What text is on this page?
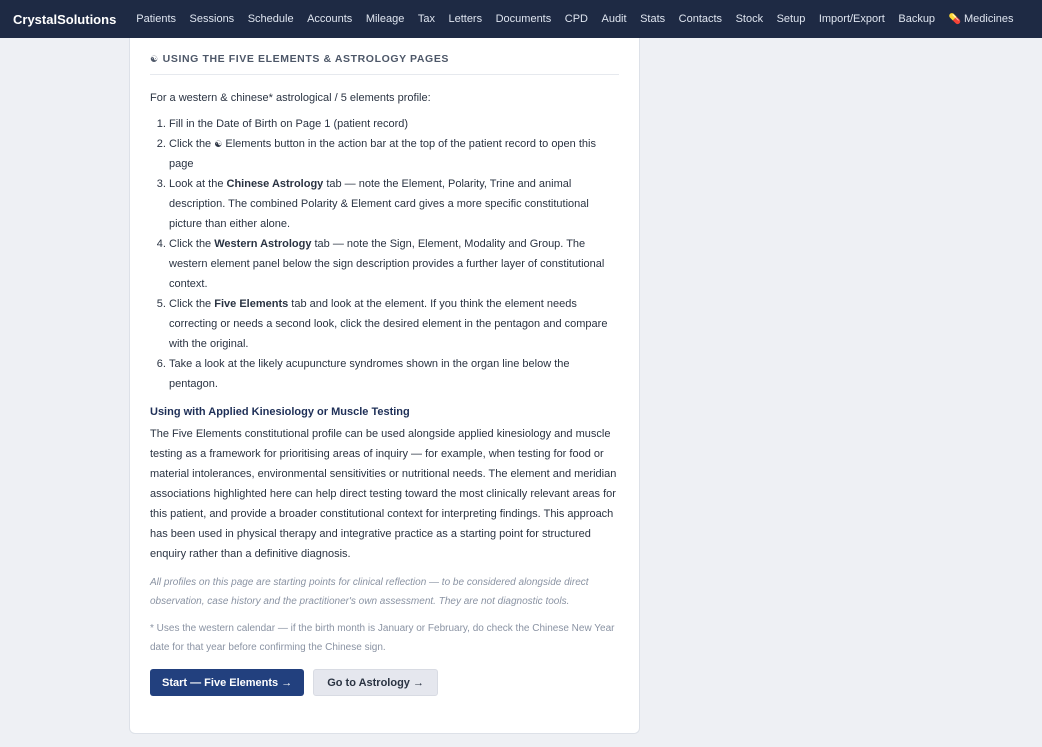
CrystalSolutions Patients Sessions Schedule Accounts Mileage Tax Letters Documents CPD Audit Stats Contacts Stock Setup Import/Export Backup 💊 Medicines
☯ USING THE FIVE ELEMENTS & ASTROLOGY PAGES
For a western & chinese* astrological / 5 elements profile:
1. Fill in the Date of Birth on Page 1 (patient record)
2. Click the ☯ Elements button in the action bar at the top of the patient record to open this page
3. Look at the Chinese Astrology tab — note the Element, Polarity, Trine and animal description. The combined Polarity & Element card gives a more specific constitutional picture than either alone.
4. Click the Western Astrology tab — note the Sign, Element, Modality and Group. The western element panel below the sign description provides a further layer of constitutional context.
5. Click the Five Elements tab and look at the element. If you think the element needs correcting or needs a second look, click the desired element in the pentagon and compare with the original.
6. Take a look at the likely acupuncture syndromes shown in the organ line below the pentagon.
Using with Applied Kinesiology or Muscle Testing
The Five Elements constitutional profile can be used alongside applied kinesiology and muscle testing as a framework for prioritising areas of inquiry — for example, when testing for food or material intolerances, environmental sensitivities or nutritional needs. The element and meridian associations highlighted here can help direct testing toward the most clinically relevant areas for this patient, and provide a broader constitutional context for interpreting findings. This approach has been used in physical therapy and integrative practice as a starting point for structured enquiry rather than a definitive diagnosis.
All profiles on this page are starting points for clinical reflection — to be considered alongside direct observation, case history and the practitioner's own assessment. They are not diagnostic tools.
* Uses the western calendar — if the birth month is January or February, do check the Chinese New Year date for that year before confirming the Chinese sign.
Start — Five Elements →	Go to Astrology →
